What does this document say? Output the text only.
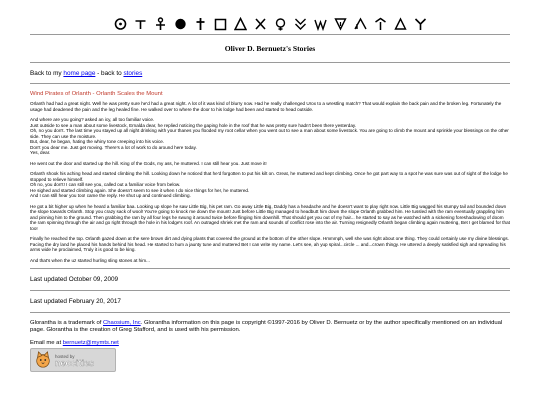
Oliver D. Bernuetz's Stories
Back to my home page - back to stories
Wind Pirates of Orlanth - Orlanth Scales the Mount

Orlanth had had a great night. Well he was pretty sure he'd had a great night. A lot of it was kind of blurry now. Had he really challenged Urox to a wrestling match? That would explain the back pain and the broken leg. Fortunately the usage had deadened the pain and the leg healed fine. He walked over to where the door to his lodge had been and started to head outside.

And where are you going? asked an icy, all too familiar voice.
Just outside to see a man about some livestock, Ernalda dear, he replied noticing the gaping hole in the roof that he was pretty sure hadn't been there yesterday.
Oh, no you don't. The last time you stayed up all night drinking with your thanes you flooded my root cellar when you went out to see a man about some livestock. You are going to climb the mount and sprinkle your blessings on the other side. They can use the moisture.
But, dear, he began, hating the whiny tone creeping into his voice.
Don't you dear me. Just get moving. There's a lot of work to do around here today.
Yes, dear.

He went out the door and started up the hill. King of the Gods, my ass, he muttered. I can still hear you. Just move it!

Orlanth shook his aching head and started climbing the hill. Looking down he noticed that he'd forgotten to put his kilt on. Great, he muttered and kept climbing. Once he got part way to a spot he was sure was out of sight of the lodge he stopped to relieve himself.
Oh no, you don't! I can still see you, called out a familiar voice from below.
He sighed and started climbing again. She doesn't seem to see it when I do nice things for her, he muttered.
And I can still hear you too! came the reply. He shut up and continued climbing.

He got a bit higher up when he heard a familiar baa. Looking up slope he saw Little Big, his pet ram. Go away Little Big, Daddy has a headache and he doesn't want to play right now. Little Big wagged his stumpy tail and bounded down the slope towards Orlanth. Stop you crazy sack of wool! You're going to knock me down the mount! Just before Little Big managed to headbutt him down the slope Orlanth grabbed him. He tussled with the ram eventually grappling him and pinning him to the ground. Then grabbing the ram by all four legs he swung it around twice before flinging him downhill. That should get you out of my hair... he started to say as he watched with a sickening foreshadowing of doom the ram spinning through the air and go right through the hole in his lodge's roof. An outraged shriek met the ram and sounds of conflict rose into the air. Turning resignedly Orlanth began climbing again muttering, Bet I get blamed for that too!

Finally he reached the top. Orlanth gazed down at the sere brown dirt and dying plants that covered the ground at the bottom of the other slope. Hmmmph, well she was right about one thing. They could certainly use my divine blessings. Facing the dry land he placed his hands behind his head. He started to hum a jaunty tune and muttered Bet I can write my name. Let's see, ah yup spiral...circle ... and...crown thingy. He uttered a deeply satisfied sigh and spreading his arms wide he proclaimed, Truly it is good to be king.

And that's when the uz started hurling sling stones at him...

Last updated October 09, 2009
Last updated February 20, 2017
Glorantha is a trademark of Chaosium, Inc. Glorantha information on this page is copyright ©1997-2016 by Oliver D. Bernuetz or by the author specifically mentioned on an individual page. Glorantha is the creation of Greg Stafford, and is used with his permission.
Email me at bernuetz@mymts.net
hosted by
neocities
